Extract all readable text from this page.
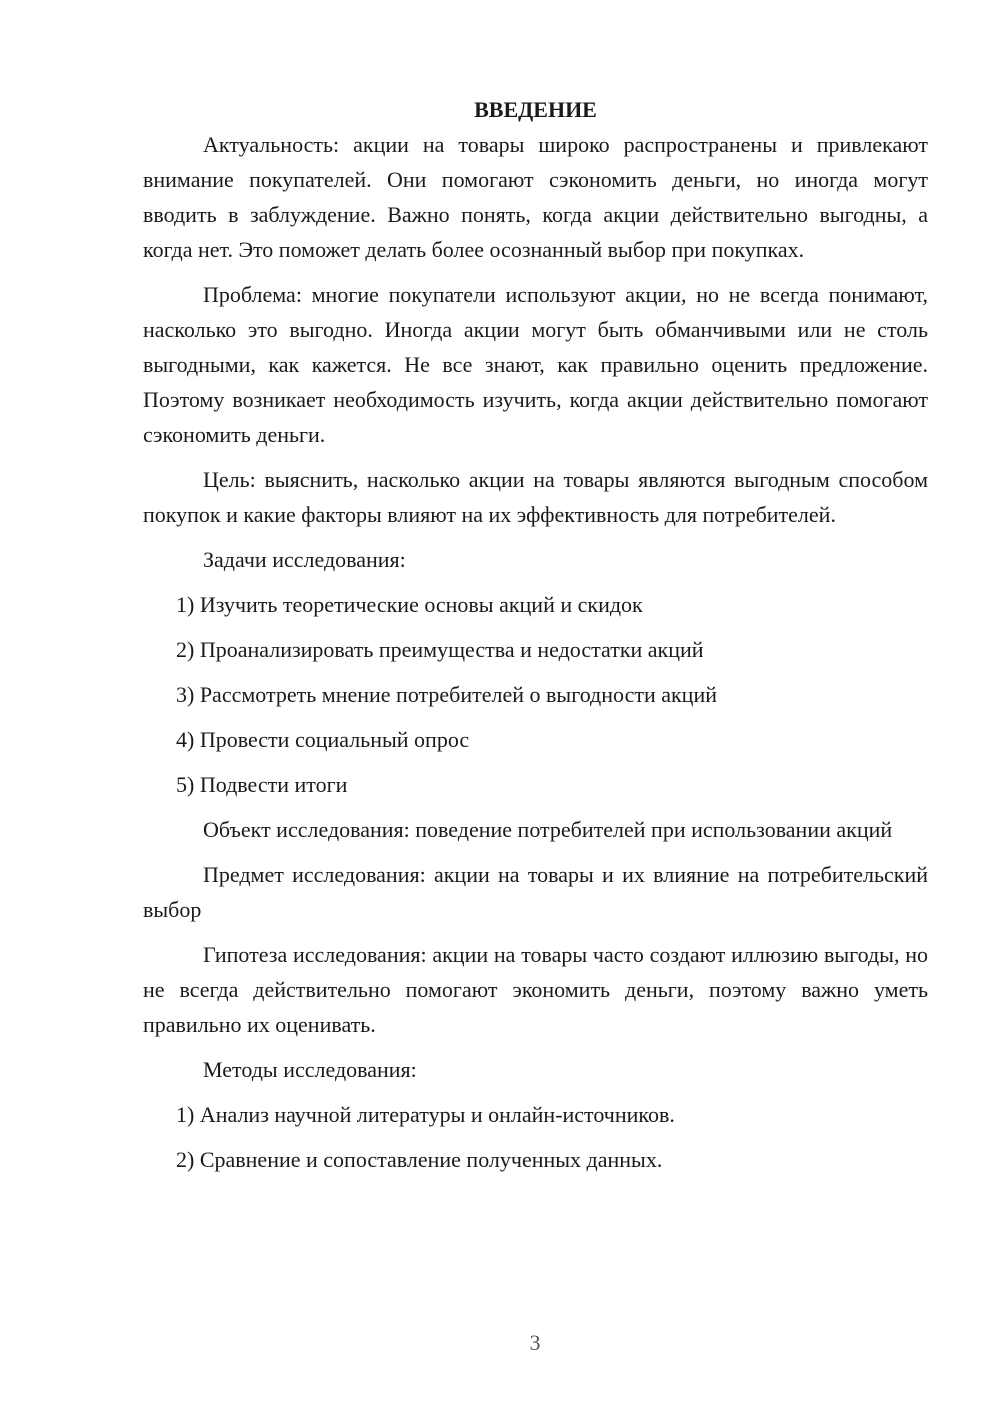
ВВЕДЕНИЕ

Актуальность: акции на товары широко распространены и привлекают внимание покупателей. Они помогают сэкономить деньги, но иногда могут вводить в заблуждение. Важно понять, когда акции действительно выгодны, а когда нет. Это поможет делать более осознанный выбор при покупках.

Проблема: многие покупатели используют акции, но не всегда понимают, насколько это выгодно. Иногда акции могут быть обманчивыми или не столь выгодными, как кажется. Не все знают, как правильно оценить предложение. Поэтому возникает необходимость изучить, когда акции действительно помогают сэкономить деньги.

Цель: выяснить, насколько акции на товары являются выгодным способом покупок и какие факторы влияют на их эффективность для потребителей.

Задачи исследования:

1) Изучить теоретические основы акций и скидок

2) Проанализировать преимущества и недостатки акций

3) Рассмотреть мнение потребителей о выгодности акций

4) Провести социальный опрос

5) Подвести итоги

Объект исследования: поведение потребителей при использовании акций

Предмет исследования: акции на товары и их влияние на потребительский выбор

Гипотеза исследования: акции на товары часто создают иллюзию выгоды, но не всегда действительно помогают экономить деньги, поэтому важно уметь правильно их оценивать.

Методы исследования:

1) Анализ научной литературы и онлайн-источников.

2) Сравнение и сопоставление полученных данных.

3
